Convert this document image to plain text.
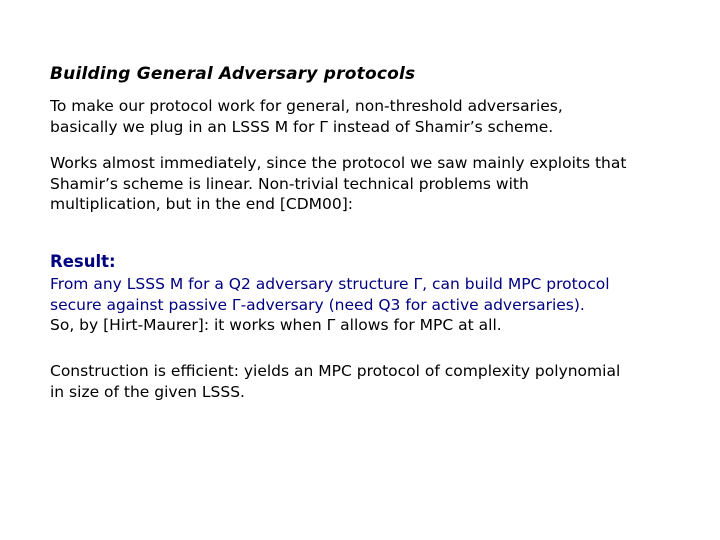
Building General Adversary protocols
To make our protocol work for general, non-threshold adversaries,
basically we plug in an LSSS M for Γ instead of Shamir’s scheme.
Works almost immediately, since the protocol we saw mainly exploits that
Shamir’s scheme is linear. Non-trivial technical problems with
multiplication, but in the end [CDM00]:
Result:
From any LSSS M for a Q2 adversary structure Γ, can build MPC protocol
secure against passive Γ-adversary (need Q3 for active adversaries).
So, by [Hirt-Maurer]: it works when Γ allows for MPC at all.
Construction is efficient: yields an MPC protocol of complexity polynomial
in size of the given LSSS.
